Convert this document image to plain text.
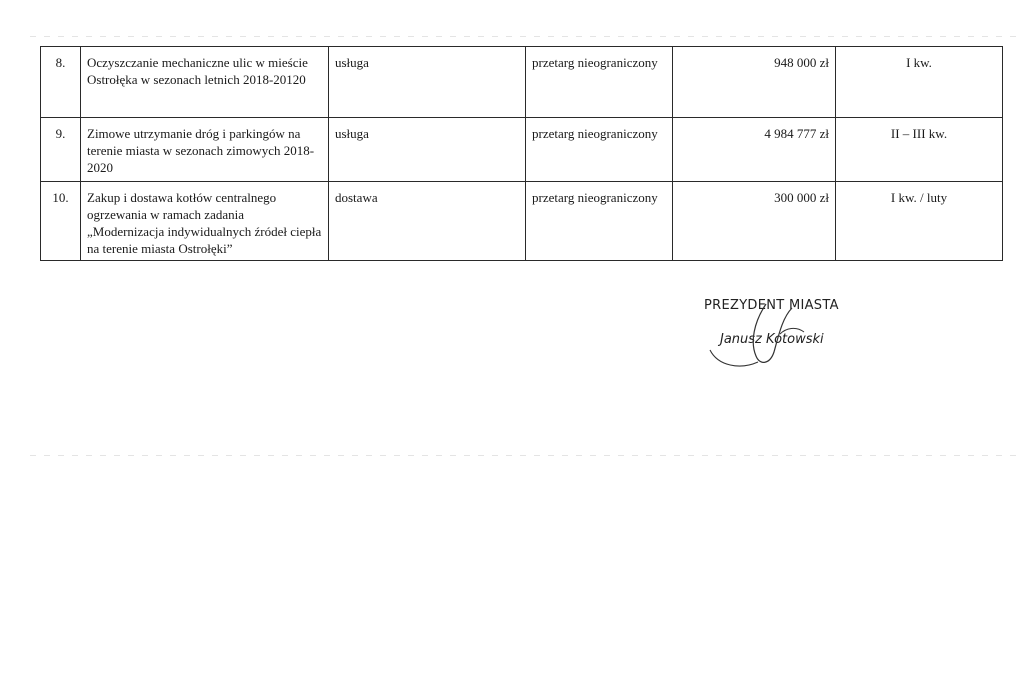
8.	Oczyszczanie mechaniczne ulic w mieście Ostrołęka w sezonach letnich 2018-20120	usługa	przetarg nieograniczony	948 000 zł	I kw.
9.	Zimowe utrzymanie dróg i parkingów na terenie miasta w sezonach zimowych 2018-2020	usługa	przetarg nieograniczony	4 984 777 zł	II – III kw.
10.	Zakup i dostawa kotłów centralnego ogrzewania w ramach zadania „Modernizacja indywidualnych źródeł ciepła na terenie miasta Ostrołęki”	dostawa	przetarg nieograniczony	300 000 zł	I kw. / luty
PREZYDENT MIASTA
Janusz Kotowski
